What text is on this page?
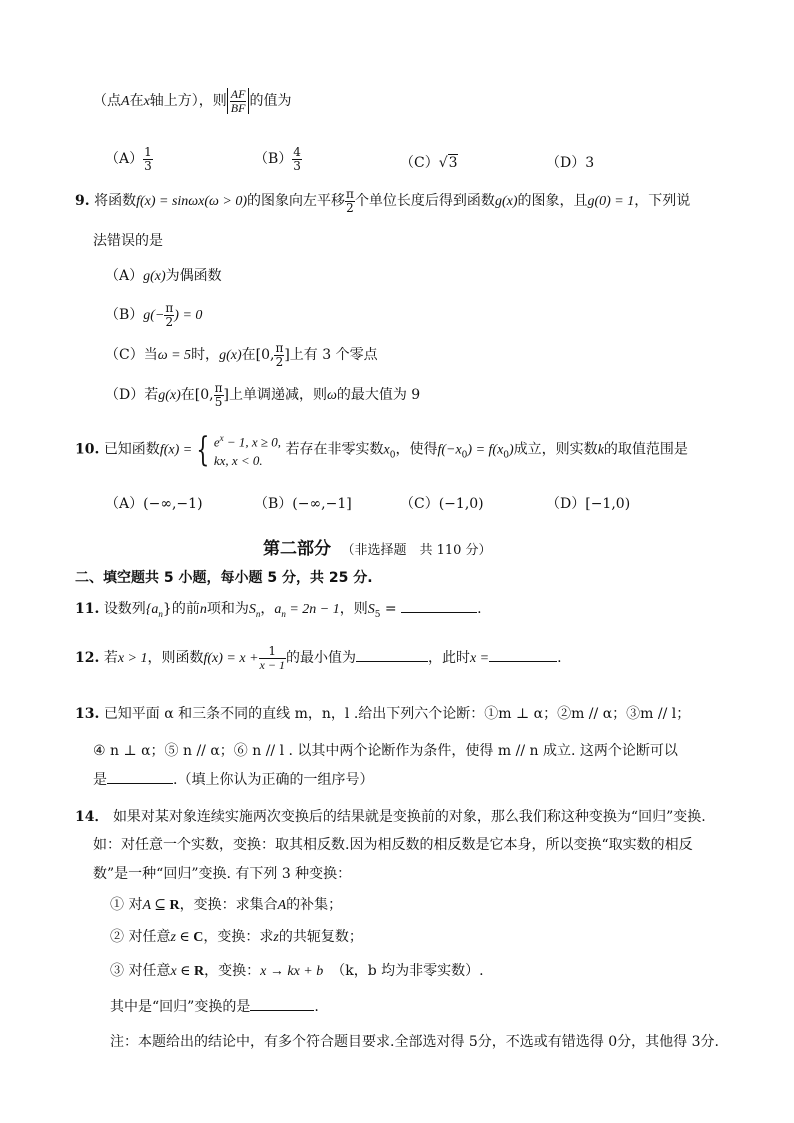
（点A在x轴上方），则 $\frac{AF}{BF}$ 的值为
$(A) \frac{1}{3}$	$(B) \frac{4}{3}$	（C）√3	（D）3
9. 将函数f(x) = sinωx(ω > 0)的图象向左平移 $\frac{\pi}{2}$ 个单位长度后得到函数g(x)的图象，且g(0) = 1，下列说
法错误的是
（A）g(x)为偶函数
$(B)g(- \frac{\pi}{2}$ ) = 0
（C）当ω = 5时，g(x)在[0, $\frac{\pi}{2}$ ]上有 3 个零点
（D）若g(x)在[0, $\frac{\pi}{5}$ ]上单调递减，则ω的最大值为 9
10. 已知函数f(x) = { $e^x - 1$, x ≥ 0,
kx, x < 0.
若存在非零实数$x_0$，使得$f(-x_0) = f(x_0)$成立，则实数k的取值范围是
（A）(−∞,−1)	（B）(−∞,−1]	（C）(−1,0)	（D）[−1,0)
第二部分 （非选择题　共 110 分）
二、填空题共 5 小题，每小题 5 分，共 25 分.
11. 设数列$\{a_n\}$的前n项和为$S_n$，$a_n = 2n - 1$，则$S_5$ =	.
12. 若x > 1，则函数$f(x) = x + \frac{1}{x - 1}$ 的最小值为	，此时x =	.
13. 已知平面 α 和三条不同的直线 m，n，l .给出下列六个论断：①m ⊥ α；②m // α；③m // l；
④ n ⊥ α；⑤ n // α；⑥ n // l . 以其中两个论断作为条件，使得 m // n 成立. 这两个论断可以
是	.（填上你认为正确的一组序号）
14． 如果对某对象连续实施两次变换后的结果就是变换前的对象，那么我们称这种变换为“回归”变换.
如：对任意一个实数，变换：取其相反数.因为相反数的相反数是它本身，所以变换“取实数的相反
数”是一种“回归”变换. 有下列 3 种变换：
① 对A ⊆ R，变换：求集合A的补集；
② 对任意z ∈ C，变换：求z的共轭复数；
③ 对任意x ∈ R，变换：x → kx + b （k，b 均为非零实数）.
其中是“回归”变换的是	.
注：本题给出的结论中，有多个符合题目要求.全部选对得 5分，不选或有错选得 0分，其他得 3分.
